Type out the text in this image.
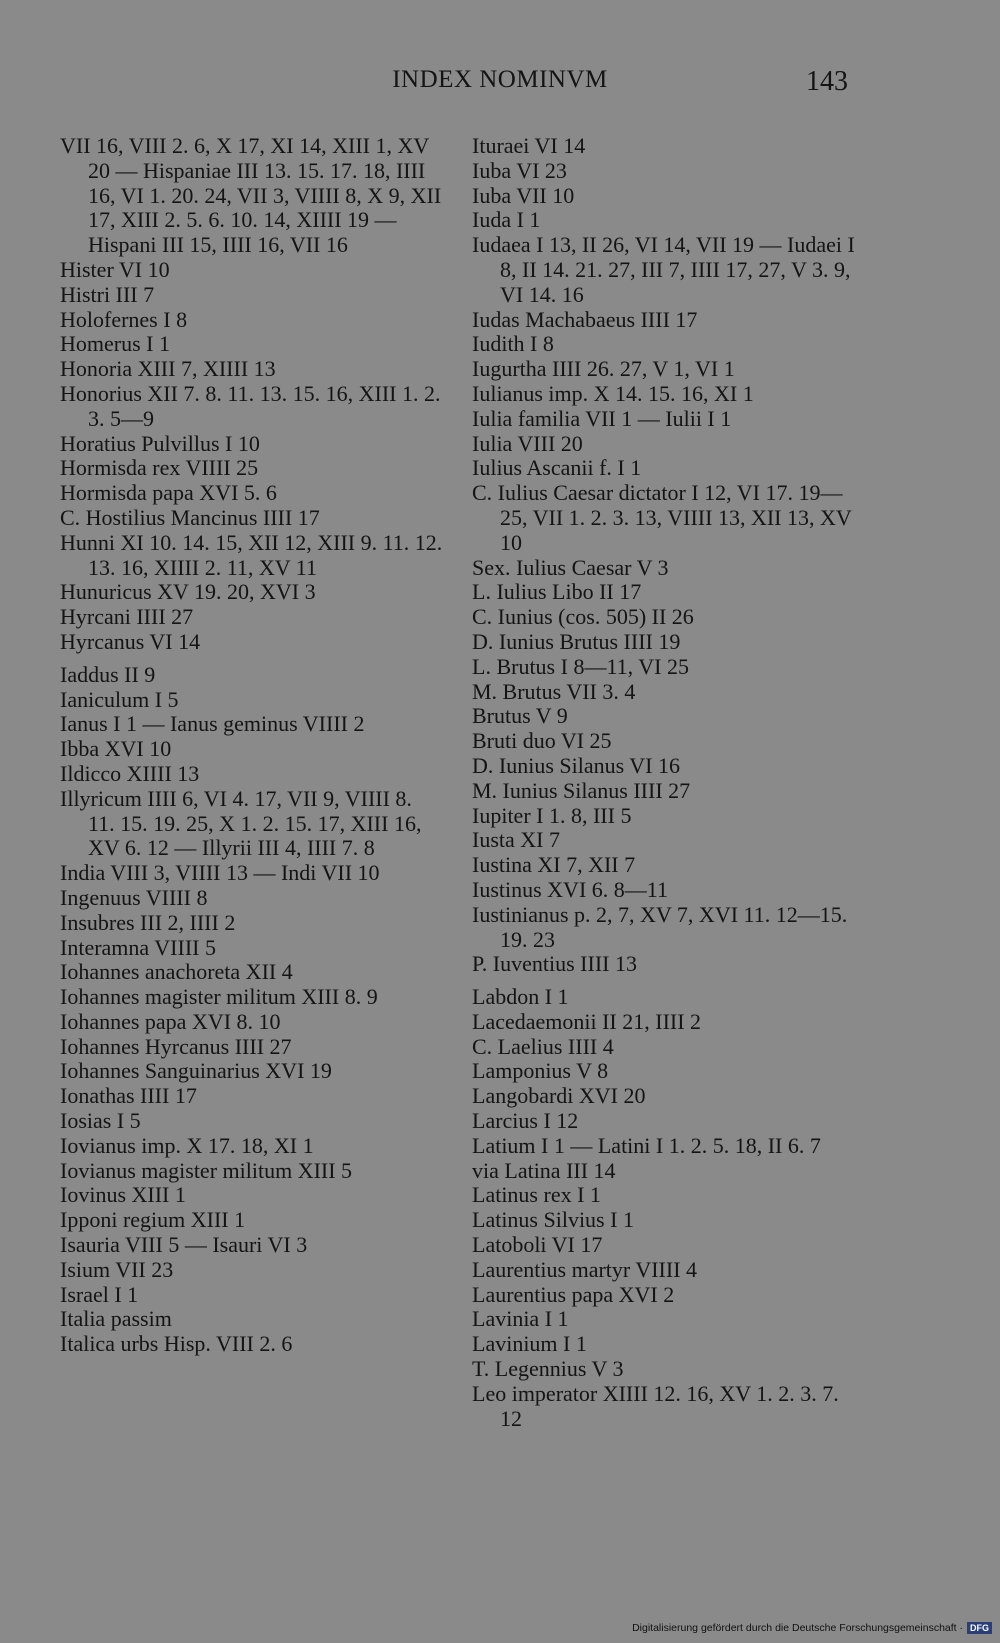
INDEX NOMINVM	143

VII 16, VIII 2. 6, X 17, XI 14, XIII 1, XV 20 — Hispaniae III 13. 15. 17. 18, IIII 16, VI 1. 20. 24, VII 3, VIIII 8, X 9, XII 17, XIII 2. 5. 6. 10. 14, XIIII 19 — Hispani III 15, IIII 16, VII 16

Hister VI 10

Histri III 7

Holofernes I 8

Homerus I 1

Honoria XIII 7, XIIII 13

Honorius XII 7. 8. 11. 13. 15. 16, XIII 1. 2. 3. 5—9

Horatius Pulvillus I 10

Hormisda rex VIIII 25

Hormisda papa XVI 5. 6

C. Hostilius Mancinus IIII 17

Hunni XI 10. 14. 15, XII 12, XIII 9. 11. 12. 13. 16, XIIII 2. 11, XV 11

Hunuricus XV 19. 20, XVI 3

Hyrcani IIII 27

Hyrcanus VI 14

Iaddus II 9

Ianiculum I 5

Ianus I 1 — Ianus geminus VIIII 2

Ibba XVI 10

Ildicco XIIII 13

Illyricum IIII 6, VI 4. 17, VII 9, VIIII 8. 11. 15. 19. 25, X 1. 2. 15. 17, XIII 16, XV 6. 12 — Illyrii III 4, IIII 7. 8

India VIII 3, VIIII 13 — Indi VII 10

Ingenuus VIIII 8

Insubres III 2, IIII 2

Interamna VIIII 5

Iohannes anachoreta XII 4

Iohannes magister militum XIII 8. 9

Iohannes papa XVI 8. 10

Iohannes Hyrcanus IIII 27

Iohannes Sanguinarius XVI 19

Ionathas IIII 17

Iosias I 5

Iovianus imp. X 17. 18, XI 1

Iovianus magister militum XIII 5

Iovinus XIII 1

Ipponi regium XIII 1

Isauria VIII 5 — Isauri VI 3

Isium VII 23

Israel I 1

Italia passim

Italica urbs Hisp. VIII 2. 6

Ituraei VI 14

Iuba VI 23

Iuba VII 10

Iuda I 1

Iudaea I 13, II 26, VI 14, VII 19 — Iudaei I 8, II 14. 21. 27, III 7, IIII 17, 27, V 3. 9, VI 14. 16

Iudas Machabaeus IIII 17

Iudith I 8

Iugurtha IIII 26. 27, V 1, VI 1

Iulianus imp. X 14. 15. 16, XI 1

Iulia familia VII 1 — Iulii I 1

Iulia VIII 20

Iulius Ascanii f. I 1

C. Iulius Caesar dictator I 12, VI 17. 19—25, VII 1. 2. 3. 13, VIIII 13, XII 13, XV 10

Sex. Iulius Caesar V 3

L. Iulius Libo II 17

C. Iunius (cos. 505) II 26

D. Iunius Brutus IIII 19

L. Brutus I 8—11, VI 25

M. Brutus VII 3. 4

Brutus V 9

Bruti duo VI 25

D. Iunius Silanus VI 16

M. Iunius Silanus IIII 27

Iupiter I 1. 8, III 5

Iusta XI 7

Iustina XI 7, XII 7

Iustinus XVI 6. 8—11

Iustinianus p. 2, 7, XV 7, XVI 11. 12—15. 19. 23

P. Iuventius IIII 13

Labdon I 1

Lacedaemonii II 21, IIII 2

C. Laelius IIII 4

Lamponius V 8

Langobardi XVI 20

Larcius I 12

Latium I 1 — Latini I 1. 2. 5. 18, II 6. 7

via Latina III 14

Latinus rex I 1

Latinus Silvius I 1

Latoboli VI 17

Laurentius martyr VIIII 4

Laurentius papa XVI 2

Lavinia I 1

Lavinium I 1

T. Legennius V 3

Leo imperator XIIII 12. 16, XV 1. 2. 3. 7. 12

Digitalisierung gefördert durch die Deutsche Forschungsgemeinschaft · DFG
